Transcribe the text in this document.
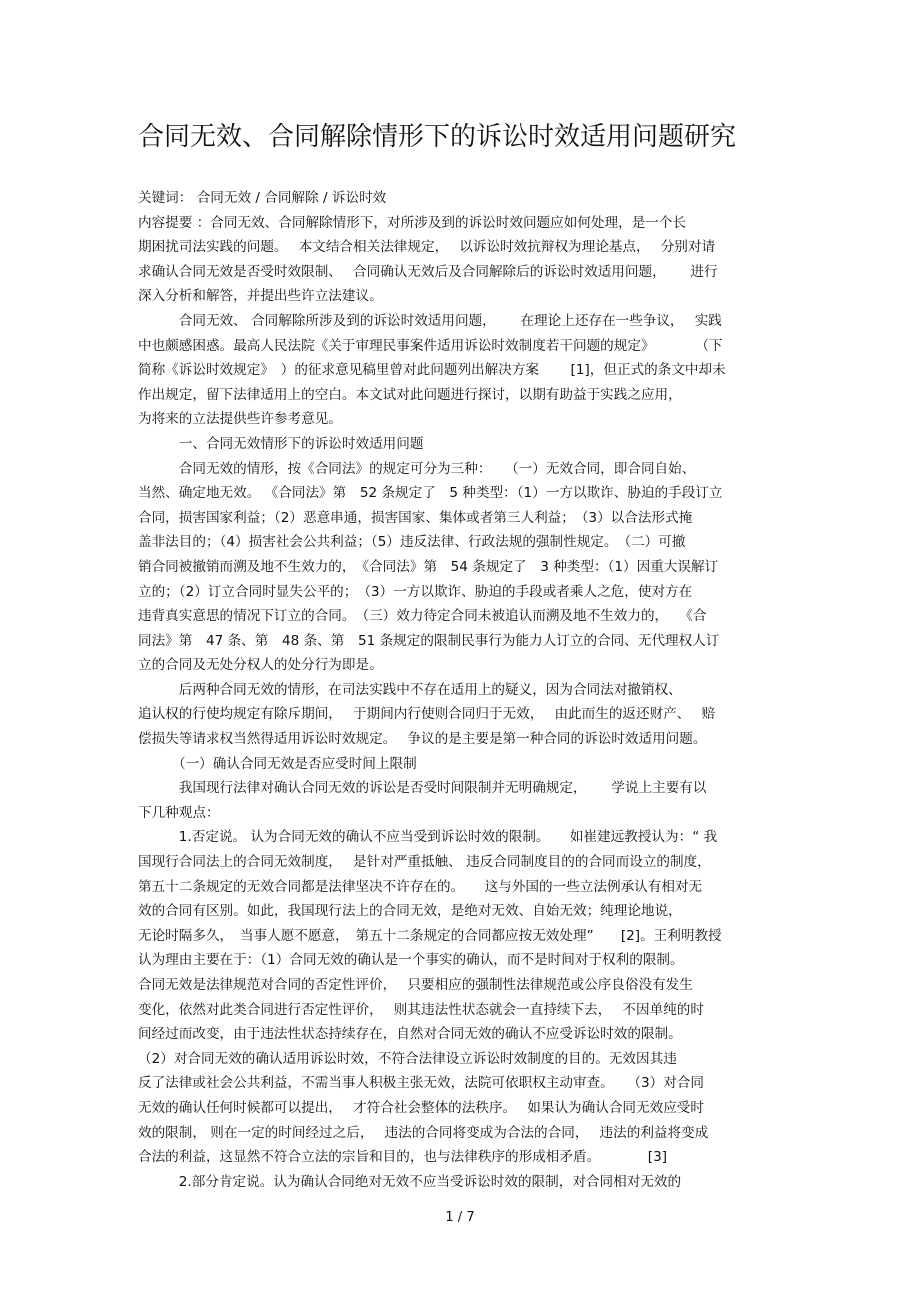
合同无效、合同解除情形下的诉讼时效适用问题研究
关键词： 合同无效 / 合同解除 / 诉讼时效
内容提要 ：合同无效、合同解除情形下，对所涉及到的诉讼时效问题应如何处理，是一个长
期困扰司法实践的问题。　 本文结合相关法律规定，　 以诉讼时效抗辩权为理论基点，　 分别对请
求确认合同无效是否受时效限制、　 合同确认无效后及合同解除后的诉讼时效适用问题，　　 进行
深入分析和解答，并提出些许立法建议。
　　　合同无效、 合同解除所涉及到的诉讼时效适用问题，　　 在理论上还存在一些争议，　 实践
中也颇感困惑。最高人民法院《关于审理民事案件适用诉讼时效制度若干问题的规定》　　　　（下
简称《诉讼时效规定》　）的征求意见稿里曾对此问题列出解决方案　　 [1]，但正式的条文中却未
作出规定，留下法律适用上的空白。本文试对此问题进行探讨，以期有助益于实践之应用，
为将来的立法提供些许参考意见。
　　　一、合同无效情形下的诉讼时效适用问题
　　　合同无效的情形，按《合同法》的规定可分为三种：　　（一）无效合同，即合同自始、
当然、确定地无效。 《合同法》第　52 条规定了　5 种类型：（1）一方以欺诈、胁迫的手段订立
合同，损害国家利益；（2）恶意串通，损害国家、集体或者第三人利益；　（3）以合法形式掩
盖非法目的；（4）损害社会公共利益；（5）违反法律、行政法规的强制性规定。　（二）可撤
销合同被撤销而溯及地不生效力的，　《合同法》第　54 条规定了　3 种类型：（1）因重大误解订
立的；（2）订立合同时显失公平的；　（3）一方以欺诈、胁迫的手段或者乘人之危，使对方在
违背真实意思的情况下订立的合同。　（三）效力待定合同未被追认而溯及地不生效力的，　 《合
同法》第　47 条、第　48 条、第　51 条规定的限制民事行为能力人订立的合同、无代理权人订
立的合同及无处分权人的处分行为即是。
　　　后两种合同无效的情形，在司法实践中不存在适用上的疑义，因为合同法对撤销权、
追认权的行使均规定有除斥期间，　 于期间内行使则合同归于无效，　 由此而生的返还财产、　 赔
偿损失等请求权当然得适用诉讼时效规定。　 争议的是主要是第一种合同的诉讼时效适用问题。
　　　（一）确认合同无效是否应受时间上限制
　　　我国现行法律对确认合同无效的诉讼是否受时间限制并无明确规定，　　 学说上主要有以
下几种观点：
　　　1.否定说。 认为合同无效的确认不应当受到诉讼时效的限制。　　如崔建远教授认为：“ 我
国现行合同法上的合同无效制度，　 是针对严重抵触、 违反合同制度目的的合同而设立的制度，
第五十二条规定的无效合同都是法律坚决不许存在的。　　这与外国的一些立法例承认有相对无
效的合同有区别。如此，我国现行法上的合同无效，是绝对无效、自始无效；纯理论地说，
无论时隔多久，　当事人愿不愿意，　第五十二条规定的合同都应按无效处理”　　[2]。王利明教授
认为理由主要在于：（1）合同无效的确认是一个事实的确认，而不是时间对于权利的限制。
合同无效是法律规范对合同的否定性评价，　 只要相应的强制性法律规范或公序良俗没有发生
变化，依然对此类合同进行否定性评价，　 则其违法性状态就会一直持续下去，　 不因单纯的时
间经过而改变，由于违法性状态持续存在，自然对合同无效的确认不应受诉讼时效的限制。
（2）对合同无效的确认适用诉讼时效，不符合法律设立诉讼时效制度的目的。无效因其违
反了法律或社会公共利益，不需当事人积极主张无效，法院可依职权主动审查。　　（3）对合同
无效的确认任何时候都可以提出，　 才符合社会整体的法秩序。　 如果认为确认合同无效应受时
效的限制， 则在一定的时间经过之后，　 违法的合同将变成为合法的合同，　 违法的利益将变成
合法的利益，这显然不符合立法的宗旨和目的，也与法律秩序的形成相矛盾。　　　　[3]
　　　2.部分肯定说。认为确认合同绝对无效不应当受诉讼时效的限制，对合同相对无效的
1 / 7
